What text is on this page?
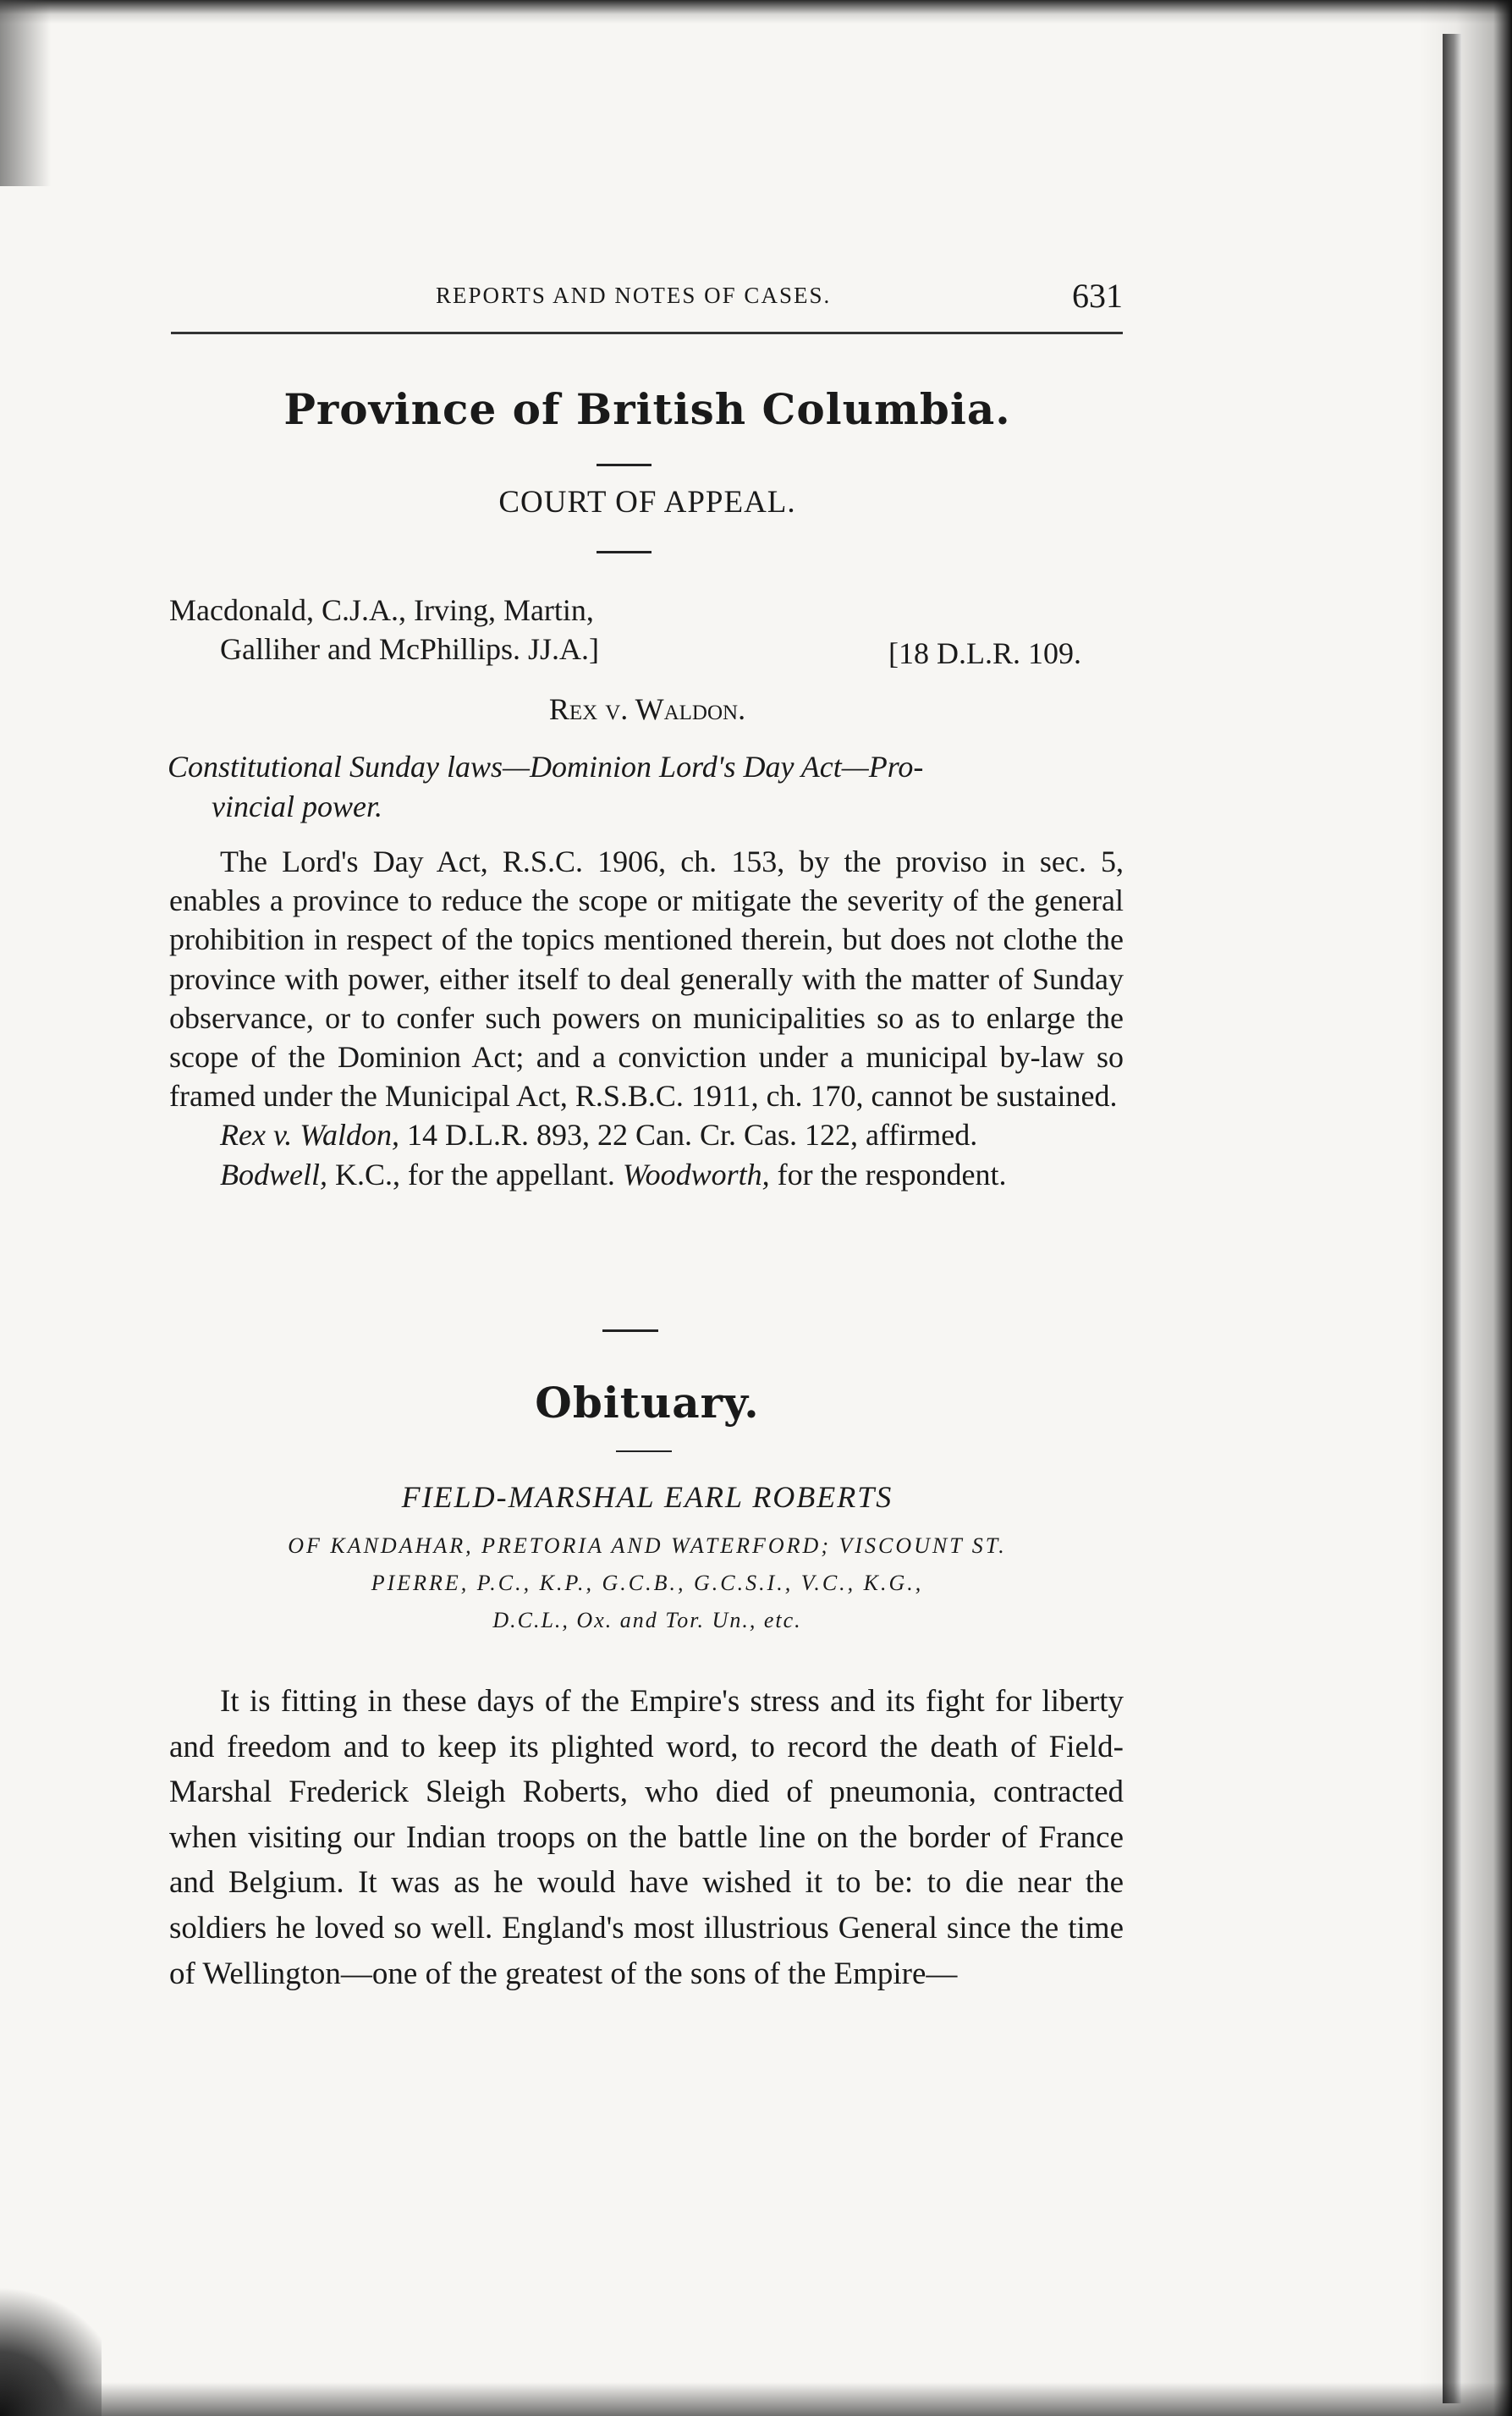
REPORTS AND NOTES OF CASES.	631
Province of British Columbia.
COURT OF APPEAL.
Macdonald, C.J.A., Irving, Martin,
Galliher and McPhillips. JJ.A.]	[18 D.L.R. 109.
Rex v. Waldon.
Constitutional Sunday laws—Dominion Lord's Day Act—Pro-
vincial power.
The Lord's Day Act, R.S.C. 1906, ch. 153, by the proviso in sec. 5, enables a province to reduce the scope or mitigate the severity of the general prohibition in respect of the topics mentioned therein, but does not clothe the province with power, either itself to deal generally with the matter of Sunday observance, or to confer such powers on municipalities so as to enlarge the scope of the Dominion Act; and a conviction under a municipal by-law so framed under the Municipal Act, R.S.B.C. 1911, ch. 170, cannot be sustained.
Rex v. Waldon, 14 D.L.R. 893, 22 Can. Cr. Cas. 122, affirmed.
Bodwell, K.C., for the appellant. Woodworth, for the respondent.
Obituary.
FIELD-MARSHAL EARL ROBERTS
OF KANDAHAR, PRETORIA AND WATERFORD; VISCOUNT ST.
PIERRE, P.C., K.P., G.C.B., G.C.S.I., V.C., K.G.,
D.C.L., Ox. and Tor. Un., etc.
It is fitting in these days of the Empire's stress and its fight for liberty and freedom and to keep its plighted word, to record the death of Field-Marshal Frederick Sleigh Roberts, who died of pneumonia, contracted when visiting our Indian troops on the battle line on the border of France and Belgium. It was as he would have wished it to be: to die near the soldiers he loved so well. England's most illustrious General since the time of Wellington—one of the greatest of the sons of the Empire—
